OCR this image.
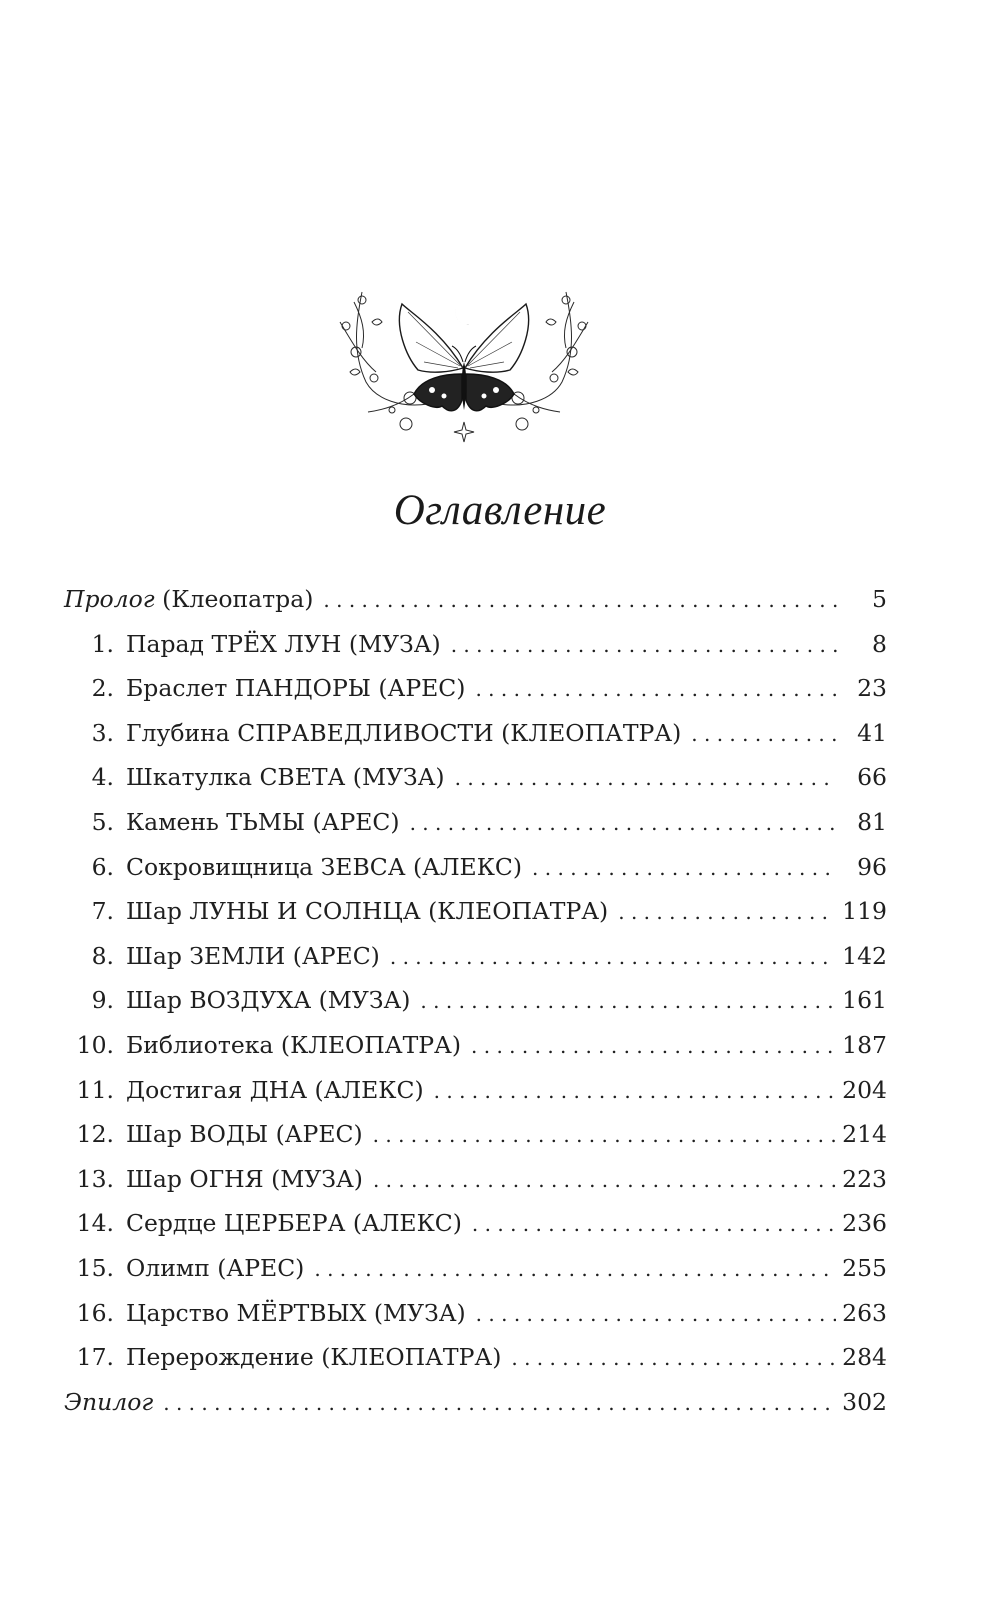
Оглавление
Пролог (Клеопатра) . . .	5
1. Парад ТРЁХ ЛУН (МУЗА) . . .	8
2. Браслет ПАНДОРЫ (АРЕС) . . .	23
3. Глубина СПРАВЕДЛИВОСТИ (КЛЕОПАТРА) . . .	41
4. Шкатулка СВЕТА (МУЗА) . . .	66
5. Камень ТЬМЫ (АРЕС) . . .	81
6. Сокровищница ЗЕВСА (АЛЕКС) . . .	96
7. Шар ЛУНЫ И СОЛНЦА (КЛЕОПАТРА) . . .	119
8. Шар ЗЕМЛИ (АРЕС) . . .	142
9. Шар ВОЗДУХА (МУЗА) . . .	161
10. Библиотека (КЛЕОПАТРА) . . .	187
11. Достигая ДНА (АЛЕКС) . . .	204
12. Шар ВОДЫ (АРЕС) . . .	214
13. Шар ОГНЯ (МУЗА) . . .	223
14. Сердце ЦЕРБЕРА (АЛЕКС) . . .	236
15. Олимп (АРЕС) . . .	255
16. Царство МЁРТВЫХ (МУЗА) . . .	263
17. Перерождение (КЛЕОПАТРА) . . .	284
Эпилог . . .	302
